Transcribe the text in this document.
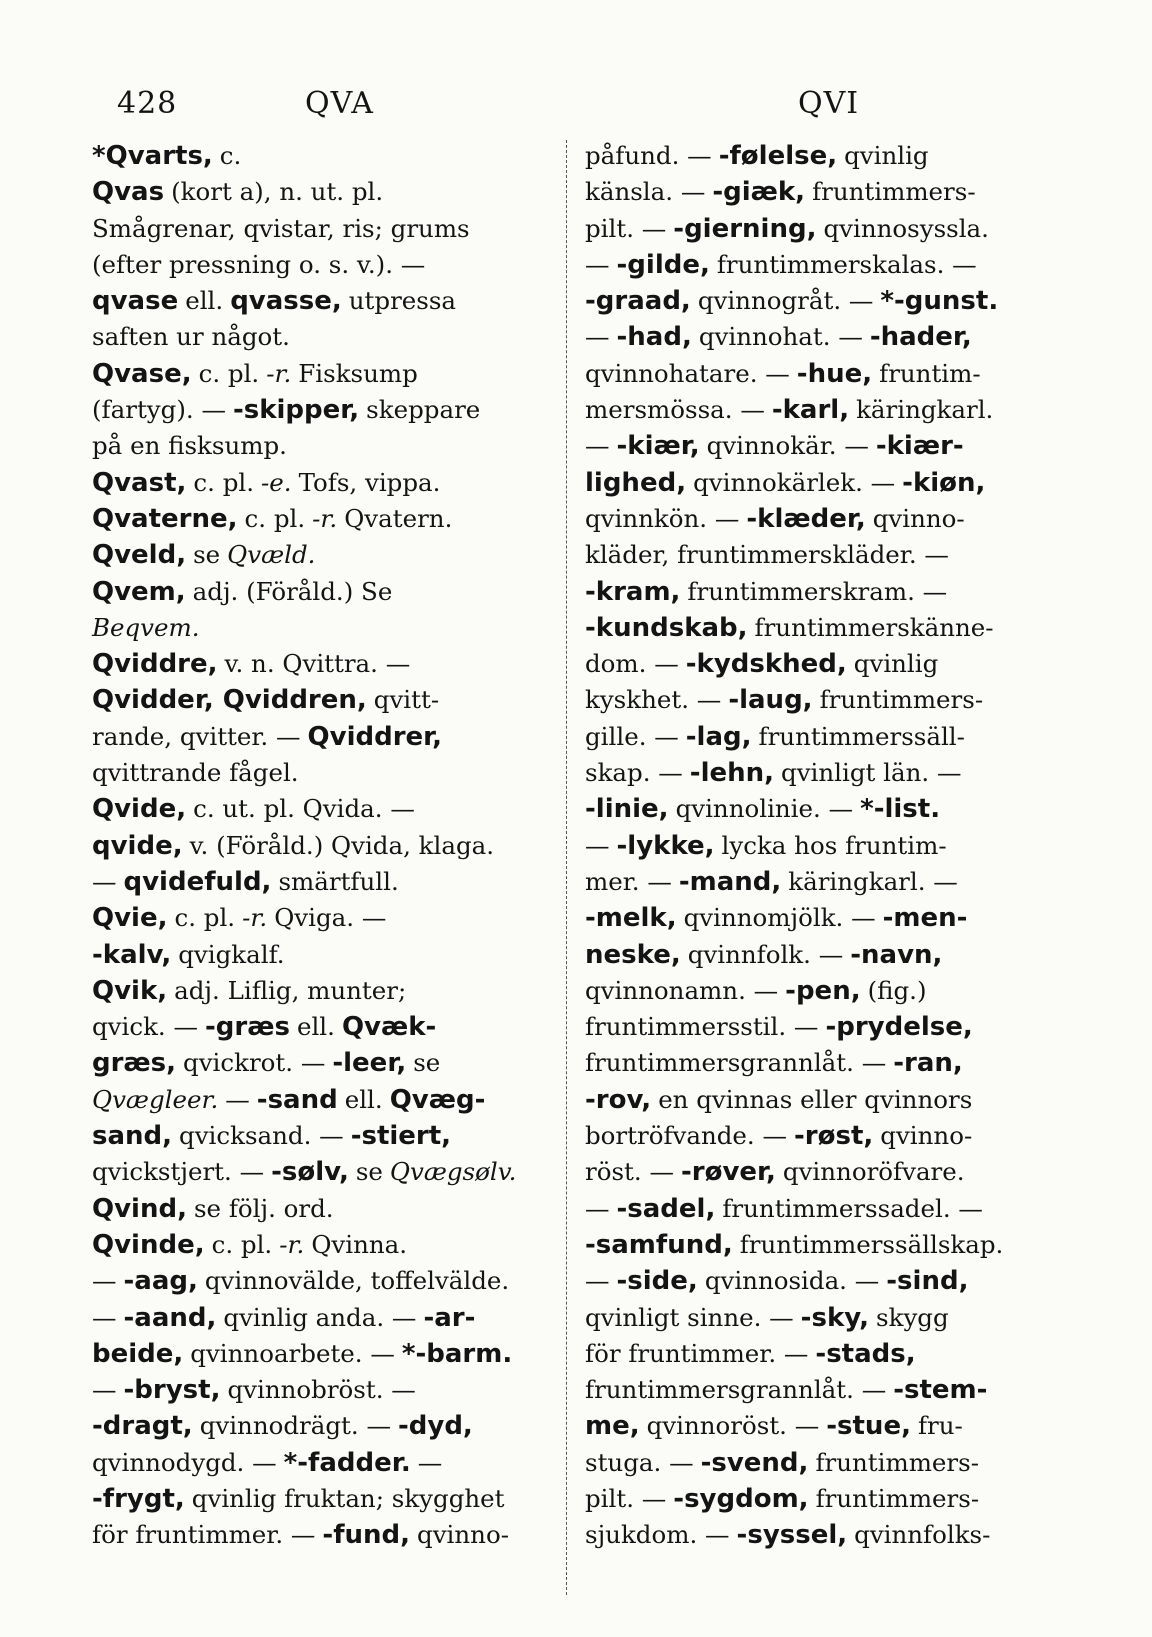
428	QVA	QVI
*Qvarts, c.
Qvas (kort a), n. ut. pl.
Smågrenar, qvistar, ris; grums
(efter pressning o. s. v.). —
qvase ell. qvasse, utpressa
saften ur något.
Qvase, c. pl. -r. Fisksump
(fartyg). — -skipper, skeppare
på en fisksump.
Qvast, c. pl. -e. Tofs, vippa.
Qvaterne, c. pl. -r. Qvatern.
Qveld, se Qvæld.
Qvem, adj. (Föråld.) Se
Beqvem.
Qviddre, v. n. Qvittra. —
Qvidder, Qviddren, qvitt-
rande, qvitter. — Qviddrer,
qvittrande fågel.
Qvide, c. ut. pl. Qvida. —
qvide, v. (Föråld.) Qvida, klaga.
— qvidefuld, smärtfull.
Qvie, c. pl. -r. Qviga. —
-kalv, qvigkalf.
Qvik, adj. Liflig, munter;
qvick. — -græs ell. Qvæk-
græs, qvickrot. — -leer, se
Qvægleer. — -sand ell. Qvæg-
sand, qvicksand. — -stiert,
qvickstjert. — -sølv, se Qvægsølv.
Qvind, se följ. ord.
Qvinde, c. pl. -r. Qvinna.
— -aag, qvinnovälde, toffelvälde.
— -aand, qvinlig anda. — -ar-
beide, qvinnoarbete. — *-barm.
— -bryst, qvinnobröst. —
-dragt, qvinnodrägt. — -dyd,
qvinnodygd. — *-fadder. —
-frygt, qvinlig fruktan; skygghet
för fruntimmer. — -fund, qvinno-
påfund. — -følelse, qvinlig
känsla. — -giæk, fruntimmers-
pilt. — -gierning, qvinnosyssla.
— -gilde, fruntimmerskalas. —
-graad, qvinnogråt. — *-gunst.
— -had, qvinnohat. — -hader,
qvinnohatare. — -hue, fruntim-
mersmössa. — -karl, käringkarl.
— -kiær, qvinnokär. — -kiær-
lighed, qvinnokärlek. — -kiøn,
qvinnkön. — -klæder, qvinno-
kläder, fruntimmerskläder. —
-kram, fruntimmerskram. —
-kundskab, fruntimmerskänne-
dom. — -kydskhed, qvinlig
kyskhet. — -laug, fruntimmers-
gille. — -lag, fruntimmerssäll-
skap. — -lehn, qvinligt län. —
-linie, qvinnolinie. — *-list.
— -lykke, lycka hos fruntim-
mer. — -mand, käringkarl. —
-melk, qvinnomjölk. — -men-
neske, qvinnfolk. — -navn,
qvinnonamn. — -pen, (fig.)
fruntimmersstil. — -prydelse,
fruntimmersgrannlåt. — -ran,
-rov, en qvinnas eller qvinnors
bortröfvande. — -røst, qvinno-
röst. — -røver, qvinnoröfvare.
— -sadel, fruntimmerssadel. —
-samfund, fruntimmerssällskap.
— -side, qvinnosida. — -sind,
qvinligt sinne. — -sky, skygg
för fruntimmer. — -stads,
fruntimmersgrannlåt. — -stem-
me, qvinnoröst. — -stue, fru-
stuga. — -svend, fruntimmers-
pilt. — -sygdom, fruntimmers-
sjukdom. — -syssel, qvinnfolks-
